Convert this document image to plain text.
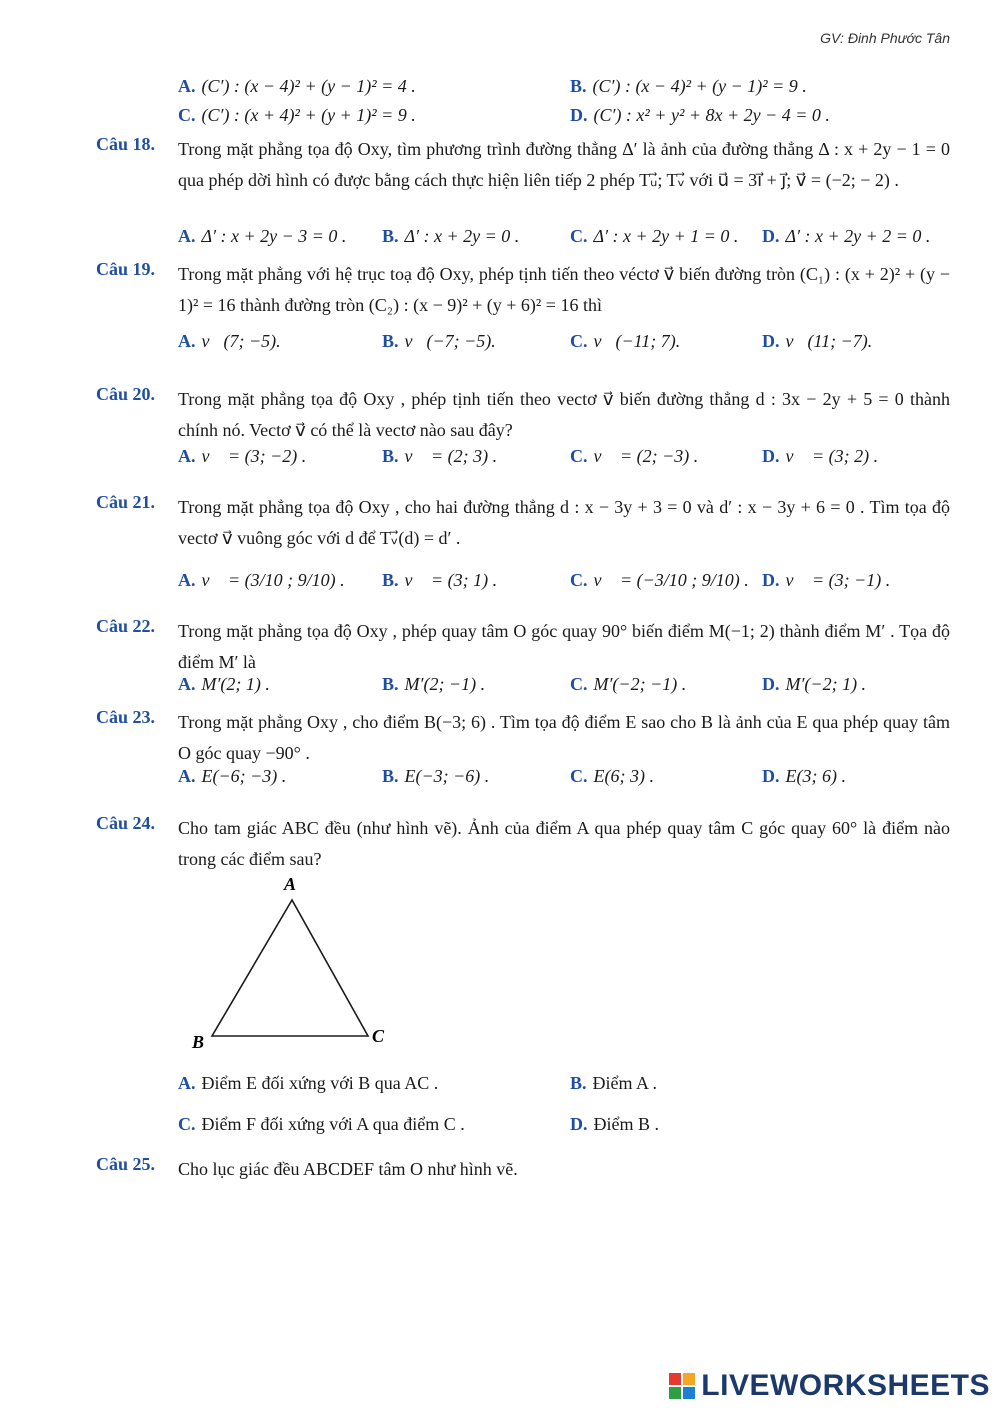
GV: Đinh Phước Tân
A. (C′) : (x − 4)² + (y − 1)² = 4 .	B. (C′) : (x − 4)² + (y − 1)² = 9 .
C. (C′) : (x + 4)² + (y + 1)² = 9 .	D. (C′) : x² + y² + 8x + 2y − 4 = 0 .
Câu 18. Trong mặt phẳng tọa độ Oxy, tìm phương trình đường thẳng Δ′ là ảnh của đường thẳng Δ : x + 2y − 1 = 0 qua phép dời hình có được bằng cách thực hiện liên tiếp 2 phép Tᵤ⃗; Tᵥ⃗ với u⃗ = 3i⃗ + j⃗; v⃗ = (−2; − 2) .
A. Δ′ : x + 2y − 3 = 0 . B. Δ′ : x + 2y = 0 .	C. Δ′ : x + 2y + 1 = 0 . D. Δ′ : x + 2y + 2 = 0 .
Câu 19. Trong mặt phẳng với hệ trục toạ độ Oxy, phép tịnh tiến theo véctơ v⃗ biến đường tròn (C₁) : (x + 2)² + (y − 1)² = 16 thành đường tròn (C₂) : (x − 9)² + (y + 6)² = 16 thì
A. v⃗(7; −5).	B. v⃗(−7; −5).	C. v⃗(−11; 7).	D. v⃗(11; −7).
Câu 20. Trong mặt phẳng tọa độ Oxy , phép tịnh tiến theo vectơ v⃗ biến đường thẳng d : 3x − 2y + 5 = 0 thành chính nó. Vectơ v⃗ có thể là vectơ nào sau đây?
A. v⃗ = (3; −2) .	B. v⃗ = (2; 3) .	C. v⃗ = (2; −3) .	D. v⃗ = (3; 2) .
Câu 21. Trong mặt phẳng tọa độ Oxy , cho hai đường thẳng d : x − 3y + 3 = 0 và d′ : x − 3y + 6 = 0 . Tìm tọa độ vectơ v⃗ vuông góc với d để Tᵥ⃗(d) = d′ .
A. v⃗ = (3/10 ; 9/10) . B. v⃗ = (3; 1) .	C. v⃗ = (−3/10 ; 9/10) . D. v⃗ = (3; −1) .
Câu 22. Trong mặt phẳng tọa độ Oxy , phép quay tâm O góc quay 90° biến điểm M(−1; 2) thành điểm M′ . Tọa độ điểm M′ là
A. M′(2; 1) .	B. M′(2; −1) .	C. M′(−2; −1) .	D. M′(−2; 1) .
Câu 23. Trong mặt phẳng Oxy , cho điểm B(−3; 6) . Tìm tọa độ điểm E sao cho B là ảnh của E qua phép quay tâm O góc quay −90° .
A. E(−6; −3) .	B. E(−3; −6) .	C. E(6; 3) .	D. E(3; 6) .
Câu 24. Cho tam giác ABC đều (như hình vẽ). Ảnh của điểm A qua phép quay tâm C góc quay 60° là điểm nào trong các điểm sau?
A
B	C
A. Điểm E đối xứng với B qua AC .	B. Điểm A .
C. Điểm F đối xứng với A qua điểm C .	D. Điểm B .
Câu 25. Cho lục giác đều ABCDEF tâm O như hình vẽ.
LIVEWORKSHEETS
